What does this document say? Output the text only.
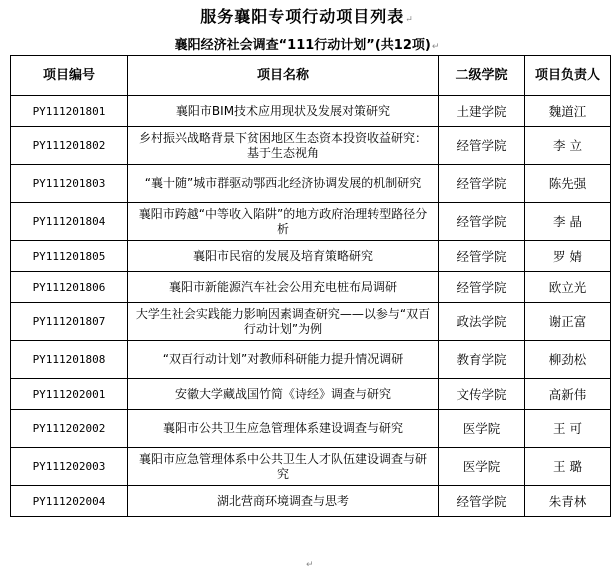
服务襄阳专项行动项目列表↵
襄阳经济社会调查“111行动计划”(共12项)↵
项目编号	项目名称	二级学院	项目负责人
PY111201801	襄阳市BIM技术应用现状及发展对策研究	土建学院	魏道江
PY111201802	乡村振兴战略背景下贫困地区生态资本投资收益研究：基于生态视角	经管学院	李 立
PY111201803	“襄十随”城市群驱动鄂西北经济协调发展的机制研究	经管学院	陈先强
PY111201804	襄阳市跨越“中等收入陷阱”的地方政府治理转型路径分析	经管学院	李 晶
PY111201805	襄阳市民宿的发展及培育策略研究	经管学院	罗 婧
PY111201806	襄阳市新能源汽车社会公用充电桩布局调研	经管学院	欧立光
PY111201807	大学生社会实践能力影响因素调查研究——以参与“双百行动计划”为例	政法学院	谢正富
PY111201808	“双百行动计划”对教师科研能力提升情况调研	教育学院	柳劲松
PY111202001	安徽大学藏战国竹简《诗经》调查与研究	文传学院	高新伟
PY111202002	襄阳市公共卫生应急管理体系建设调查与研究	医学院	王 可
PY111202003	襄阳市应急管理体系中公共卫生人才队伍建设调查与研究	医学院	王 璐
PY111202004	湖北营商环境调查与思考	经管学院	朱青林
↵
